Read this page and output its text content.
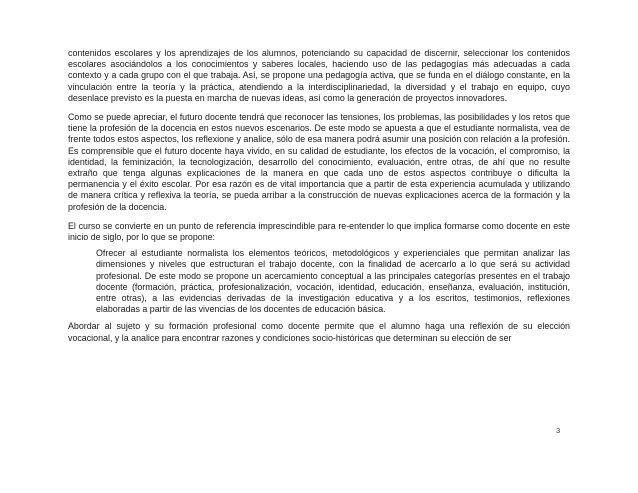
contenidos escolares y los aprendizajes de los alumnos, potenciando su capacidad de discernir, seleccionar los contenidos escolares asociándolos a los conocimientos y saberes locales, haciendo uso de las pedagogías más adecuadas a cada contexto y a cada grupo con el que trabaja. Así, se propone una pedagogía activa, que se funda en el diálogo constante, en la vinculación entre la teoría y la práctica, atendiendo a la interdisciplinariedad, la diversidad y el trabajo en equipo, cuyo desenlace previsto es la puesta en marcha de nuevas ideas, así como la generación de proyectos innovadores.

Como se puede apreciar, el futuro docente tendrá que reconocer las tensiones, los problemas, las posibilidades y los retos que tiene la profesión de la docencia en estos nuevos escenarios. De este modo se apuesta a que el estudiante normalista, vea de frente todos estos aspectos, los reflexione y analice, sólo de esa manera podrá asumir una posición con relación a la profesión. Es comprensible que el futuro docente haya vivido, en su calidad de estudiante, los efectos de la vocación, el compromiso, la identidad, la feminización, la tecnologización, desarrollo del conocimiento, evaluación, entre otras, de ahí que no resulte extraño que tenga algunas explicaciones de la manera en que cada uno de estos aspectos contribuye o dificulta la permanencia y el éxito escolar. Por esa razón es de vital importancia que a partir de esta experiencia acumulada y utilizando de manera crítica y reflexiva la teoría, se pueda arribar a la construcción de nuevas explicaciones acerca de la formación y la profesión de la docencia.

El curso se convierte en un punto de referencia imprescindible para re-entender lo que implica formarse como docente en este inicio de siglo, por lo que se propone:

Ofrecer al estudiante normalista los elementos teóricos, metodológicos y experienciales que permitan analizar las dimensiones y niveles que estructuran el trabajo docente, con la finalidad de acercarlo a lo que será su actividad profesional. De este modo se propone un acercamiento conceptual a las principales categorías presentes en el trabajo docente (formación, práctica, profesionalización, vocación, identidad, educación, enseñanza, evaluación, institución, entre otras), a las evidencias derivadas de la investigación educativa y a los escritos, testimonios, reflexiones elaboradas a partir de las vivencias de los docentes de educación básica.

Abordar al sujeto y su formación profesional como docente permite que el alumno haga una reflexión de su elección vocacional, y la analice para encontrar razones y condiciones socio-históricas que determinan su elección de ser

3
